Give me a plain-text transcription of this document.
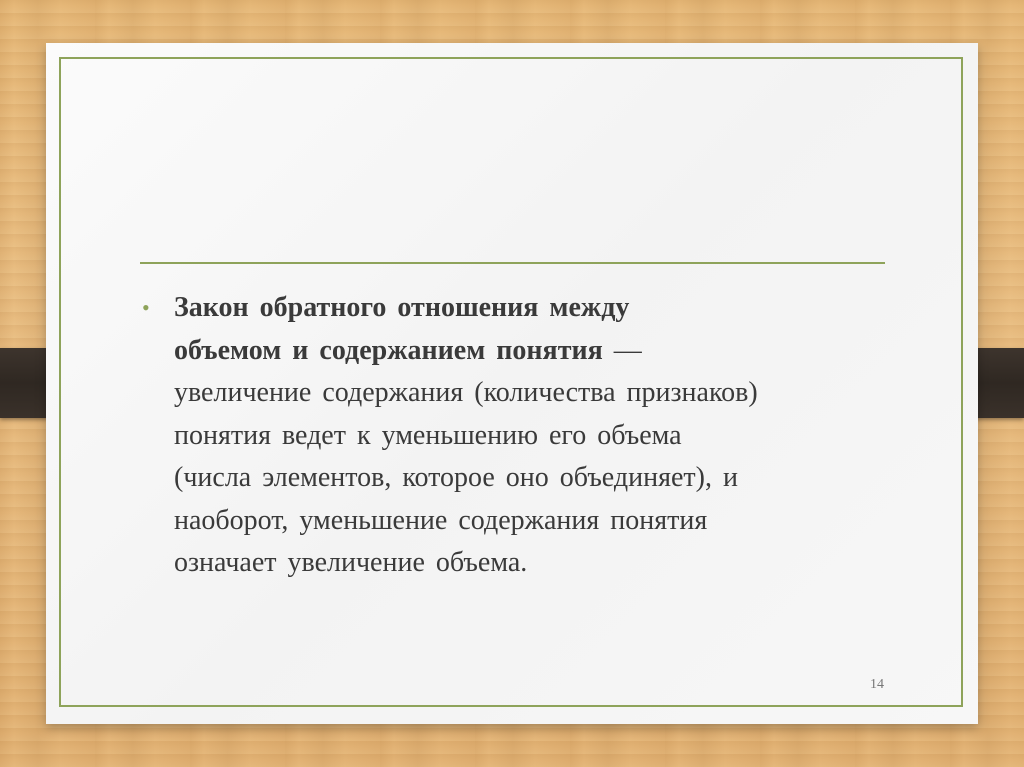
• Закон обратного отношения между
объемом и содержанием понятия —
увеличение содержания (количества признаков)
понятия ведет к уменьшению его объема
(числа элементов, которое оно объединяет), и
наоборот, уменьшение содержания понятия
означает увеличение объема.
14
